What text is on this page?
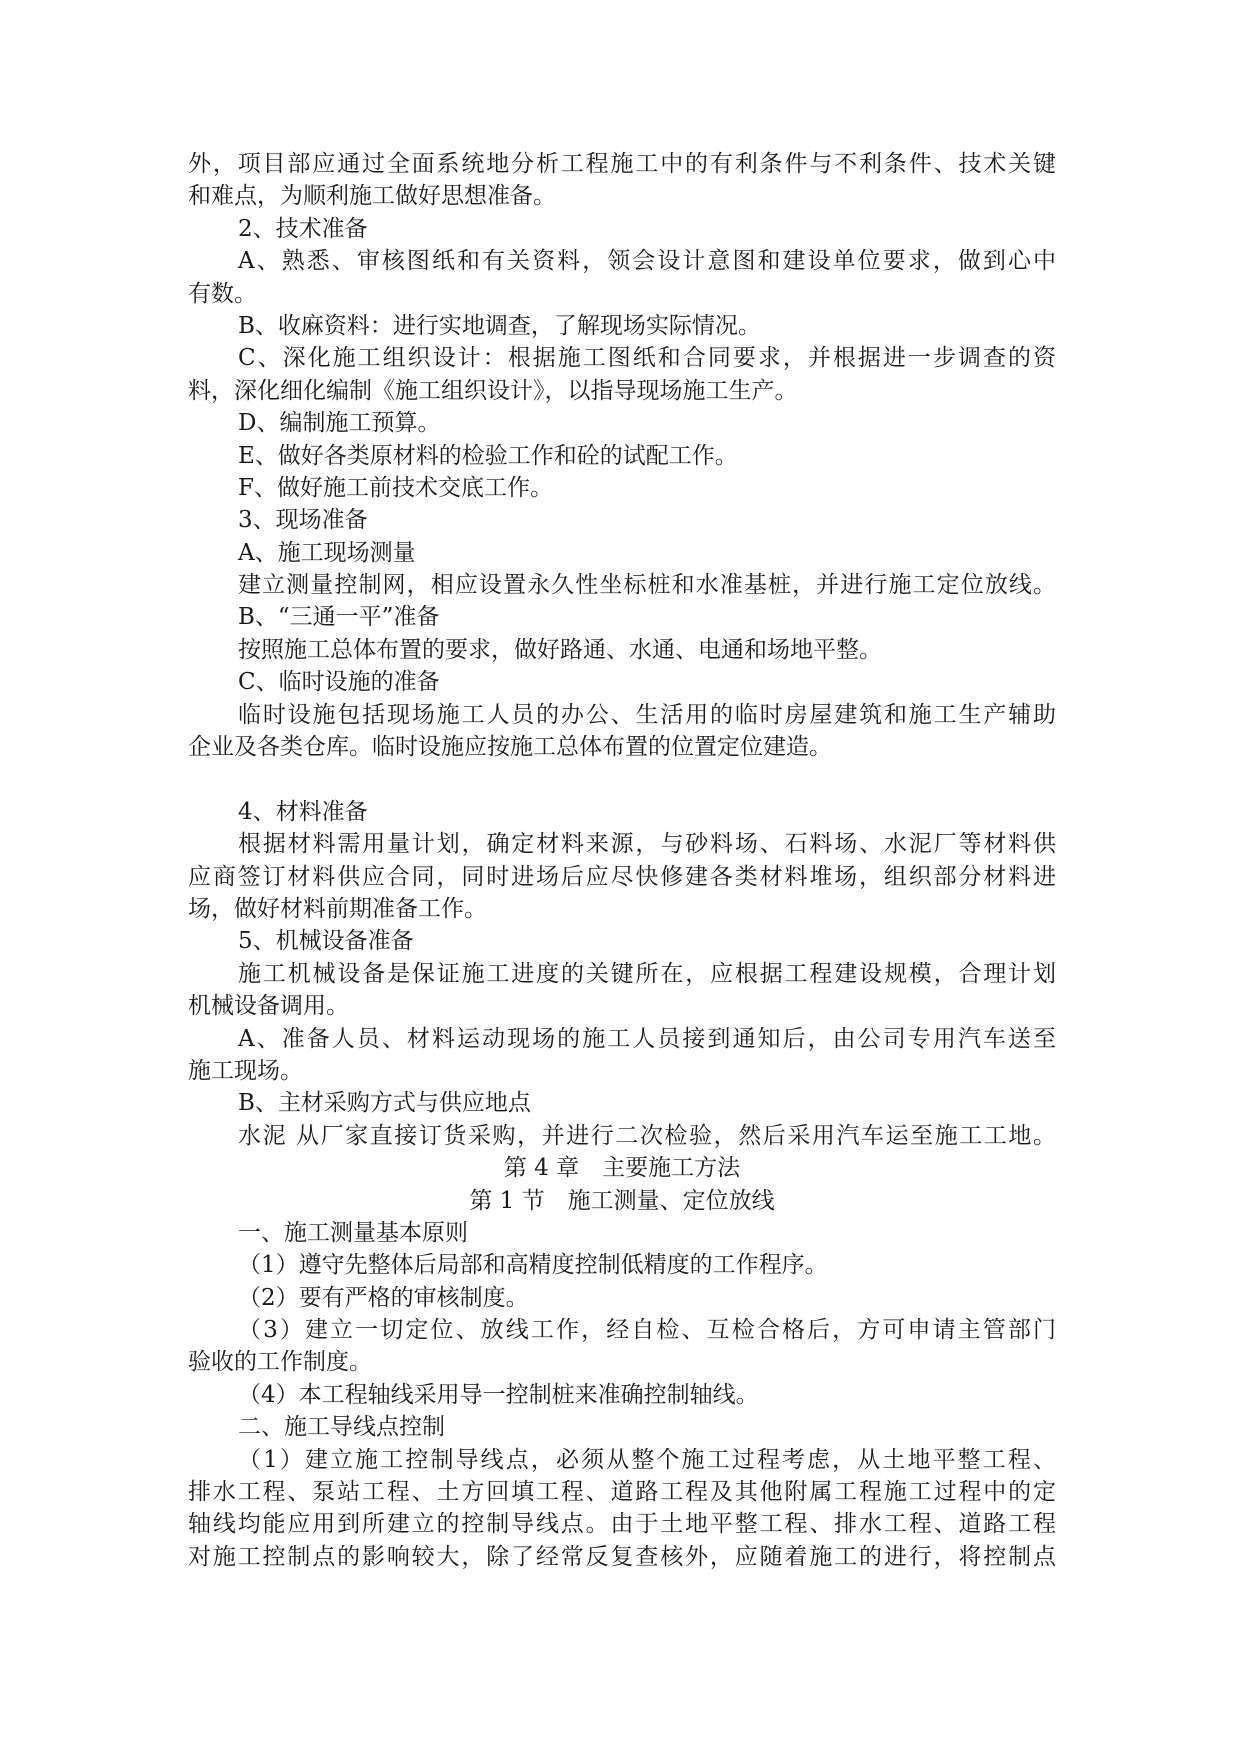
外，项目部应通过全面系统地分析工程施工中的有利条件与不利条件、技术关键
和难点，为顺利施工做好思想准备。
2、技术准备
A、熟悉、审核图纸和有关资料，领会设计意图和建设单位要求，做到心中
有数。
B、收麻资料：进行实地调查，了解现场实际情况。
C、深化施工组织设计：根据施工图纸和合同要求，并根据进一步调查的资
料，深化细化编制《施工组织设计》，以指导现场施工生产。
D、编制施工预算。
E、做好各类原材料的检验工作和砼的试配工作。
F、做好施工前技术交底工作。
3、现场准备
A、施工现场测量
建立测量控制网，相应设置永久性坐标桩和水准基桩，并进行施工定位放线。
B、“三通一平”准备
按照施工总体布置的要求，做好路通、水通、电通和场地平整。
C、临时设施的准备
临时设施包括现场施工人员的办公、生活用的临时房屋建筑和施工生产辅助
企业及各类仓库。临时设施应按施工总体布置的位置定位建造。
4、材料准备
根据材料需用量计划，确定材料来源，与砂料场、石料场、水泥厂等材料供
应商签订材料供应合同，同时进场后应尽快修建各类材料堆场，组织部分材料进
场，做好材料前期准备工作。
5、机械设备准备
施工机械设备是保证施工进度的关键所在，应根据工程建设规模，合理计划
机械设备调用。
A、准备人员、材料运动现场的施工人员接到通知后，由公司专用汽车送至
施工现场。
B、主材采购方式与供应地点
水泥 从厂家直接订货采购，并进行二次检验，然后采用汽车运至施工工地。
第 4 章　主要施工方法
第 1 节　施工测量、定位放线
一、施工测量基本原则
（1）遵守先整体后局部和高精度控制低精度的工作程序。
（2）要有严格的审核制度。
（3）建立一切定位、放线工作，经自检、互检合格后，方可申请主管部门
验收的工作制度。
（4）本工程轴线采用导一控制桩来准确控制轴线。
二、施工导线点控制
（1）建立施工控制导线点，必须从整个施工过程考虑，从土地平整工程、
排水工程、泵站工程、土方回填工程、道路工程及其他附属工程施工过程中的定
轴线均能应用到所建立的控制导线点。由于土地平整工程、排水工程、道路工程
对施工控制点的影响较大，除了经常反复查核外，应随着施工的进行，将控制点
